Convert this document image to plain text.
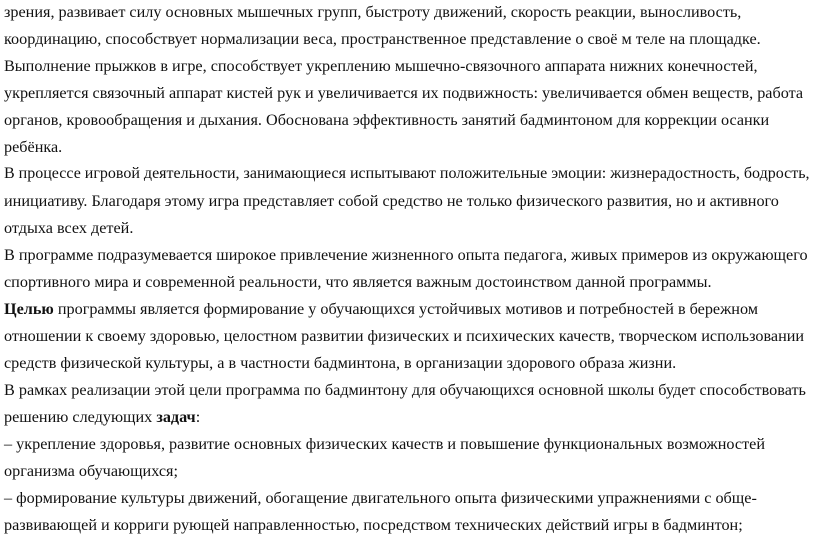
зрения, развивает силу основных мышечных групп, быстроту движений, скорость реакции, выносливость,
координацию, способствует нормализации веса, пространственное представление о своё м теле на площадке.
Выполнение прыжков в игре, способствует укреплению мышечно-связочного аппарата нижних конечностей,
укрепляется связочный аппарат кистей рук и увеличивается их подвижность: увеличивается обмен веществ, работа
органов, кровообращения и дыхания. Обоснована эффективность занятий бадминтоном для коррекции осанки
ребёнка.
В процессе игровой деятельности, занимающиеся испытывают положительные эмоции: жизнерадостность, бодрость,
инициативу. Благодаря этому игра представляет собой средство не только физического развития, но и активного
отдыха всех детей.
В программе подразумевается широкое привлечение жизненного опыта педагога, живых примеров из окружающего
спортивного мира и современной реальности, что является важным достоинством данной программы.
Целью программы является формирование у обучающихся устойчивых мотивов и потребностей в бережном
отношении к своему здоровью, целостном развитии физических и психических качеств, творческом использовании
средств физической культуры, а в частности бадминтона, в организации здорового образа жизни.
В рамках реализации этой цели программа по бадминтону для обучающихся основной школы будет способствовать
решению следующих задач:
– укрепление здоровья, развитие основных физических качеств и повышение функциональных возможностей
организма обучающихся;
– формирование культуры движений, обогащение двигательного опыта физическими упражнениями с обще-
развивающей и корриги рующей направленностью, посредством технических действий игры в бадминтон;
